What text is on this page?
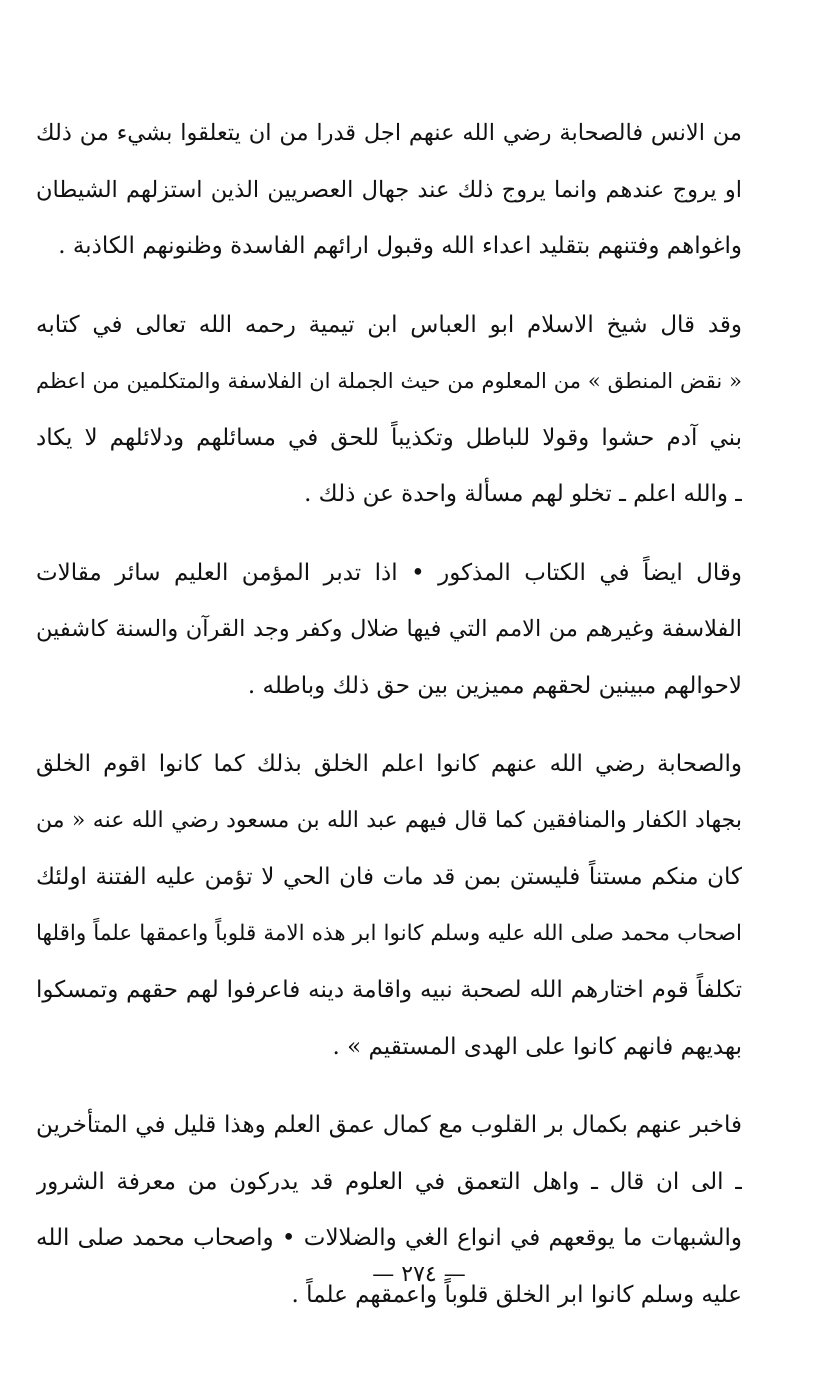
من الانس فالصحابة رضي الله عنهم اجل قدرا من ان يتعلقوا بشيء من ذلك
او يروج عندهم وانما يروج ذلك عند جهال العصريين الذين استزلهم الشيطان
واغواهم وفتنهم بتقليد اعداء الله وقبول ارائهم الفاسدة وظنونهم الكاذبة .
وقد قال شيخ الاسلام ابو العباس ابن تيمية رحمه الله تعالى في كتابه
« نقض المنطق » من المعلوم من حيث الجملة ان الفلاسفة والمتكلمين من اعظم
بني آدم حشوا وقولا للباطل وتكذيباً للحق في مسائلهم ودلائلهم لا يكاد
ـ والله اعلم ـ تخلو لهم مسألة واحدة عن ذلك .
وقال ايضاً في الكتاب المذكور • اذا تدبر المؤمن العليم سائر مقالات
الفلاسفة وغيرهم من الامم التي فيها ضلال وكفر وجد القرآن والسنة كاشفين
لاحوالهم مبينين لحقهم مميزين بين حق ذلك وباطله .
والصحابة رضي الله عنهم كانوا اعلم الخلق بذلك كما كانوا اقوم الخلق
بجهاد الكفار والمنافقين كما قال فيهم عبد الله بن مسعود رضي الله عنه « من
كان منكم مستناً فليستن بمن قد مات فان الحي لا تؤمن عليه الفتنة اولئك
اصحاب محمد صلى الله عليه وسلم كانوا ابر هذه الامة قلوباً واعمقها علماً واقلها
تكلفاً قوم اختارهم الله لصحبة نبيه واقامة دينه فاعرفوا لهم حقهم وتمسكوا
بهديهم فانهم كانوا على الهدى المستقيم » .
فاخبر عنهم بكمال بر القلوب مع كمال عمق العلم وهذا قليل في المتأخرين
ـ الى ان قال ـ واهل التعمق في العلوم قد يدركون من معرفة الشرور
والشبهات ما يوقعهم في انواع الغي والضلالات • واصحاب محمد صلى الله
عليه وسلم كانوا ابر الخلق قلوباً واعمقهم علماً .
— ٢٧٤ —
